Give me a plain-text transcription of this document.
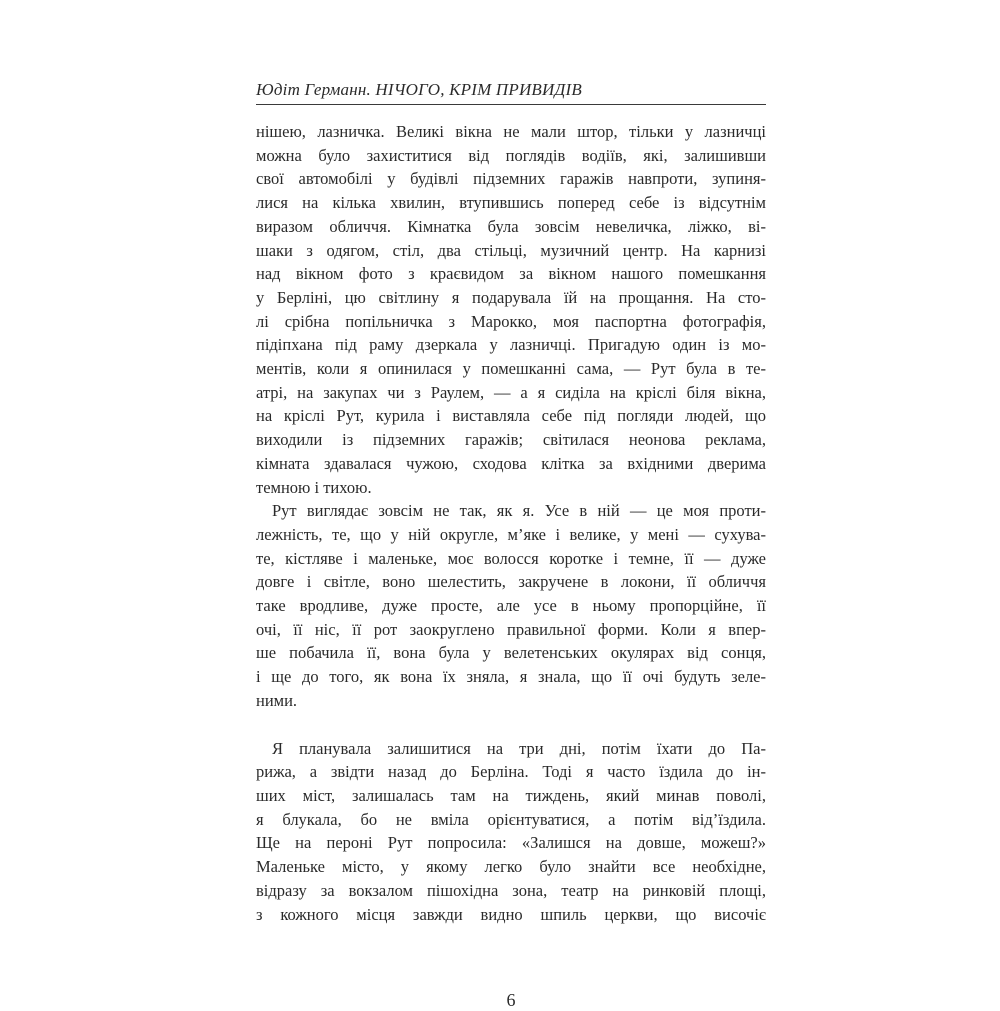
Юдіт Германн. НІЧОГО, КРІМ ПРИВИДІВ
нішею, лазничка. Великі вікна не мали штор, тільки у лазничці
можна було захиститися від поглядів водіїв, які, залишивши
свої автомобілі у будівлі підземних гаражів навпроти, зупиня-
лися на кілька хвилин, втупившись поперед себе із відсутнім
виразом обличчя. Кімнатка була зовсім невеличка, ліжко, ві-
шаки з одягом, стіл, два стільці, музичний центр. На карнизі
над вікном фото з краєвидом за вікном нашого помешкання
у Берліні, цю світлину я подарувала їй на прощання. На сто-
лі срібна попільничка з Марокко, моя паспортна фотографія,
підіпхана під раму дзеркала у лазничці. Пригадую один із мо-
ментів, коли я опинилася у помешканні сама, — Рут була в те-
атрі, на закупах чи з Раулем, — а я сиділа на кріслі біля вікна,
на кріслі Рут, курила і виставляла себе під погляди людей, що
виходили із підземних гаражів; світилася неонова реклама,
кімната здавалася чужою, сходова клітка за вхідними дверима
темною і тихою.
Рут виглядає зовсім не так, як я. Усе в ній — це моя проти-
лежність, те, що у ній округле, м’яке і велике, у мені — сухува-
те, кістляве і маленьке, моє волосся коротке і темне, її — дуже
довге і світле, воно шелестить, закручене в локони, її обличчя
таке вродливе, дуже просте, але усе в ньому пропорційне, її
очі, її ніс, її рот заокруглено правильної форми. Коли я впер-
ше побачила її, вона була у велетенських окулярах від сонця,
і ще до того, як вона їх зняла, я знала, що її очі будуть зеле-
ними.
Я планувала залишитися на три дні, потім їхати до Па-
рижа, а звідти назад до Берліна. Тоді я часто їздила до ін-
ших міст, залишалась там на тиждень, який минав поволі,
я блукала, бо не вміла орієнтуватися, а потім від’їздила.
Ще на пероні Рут попросила: «Залишся на довше, можеш?»
Маленьке місто, у якому легко було знайти все необхідне,
відразу за вокзалом пішохідна зона, театр на ринковій площі,
з кожного місця завжди видно шпиль церкви, що височіє
6
